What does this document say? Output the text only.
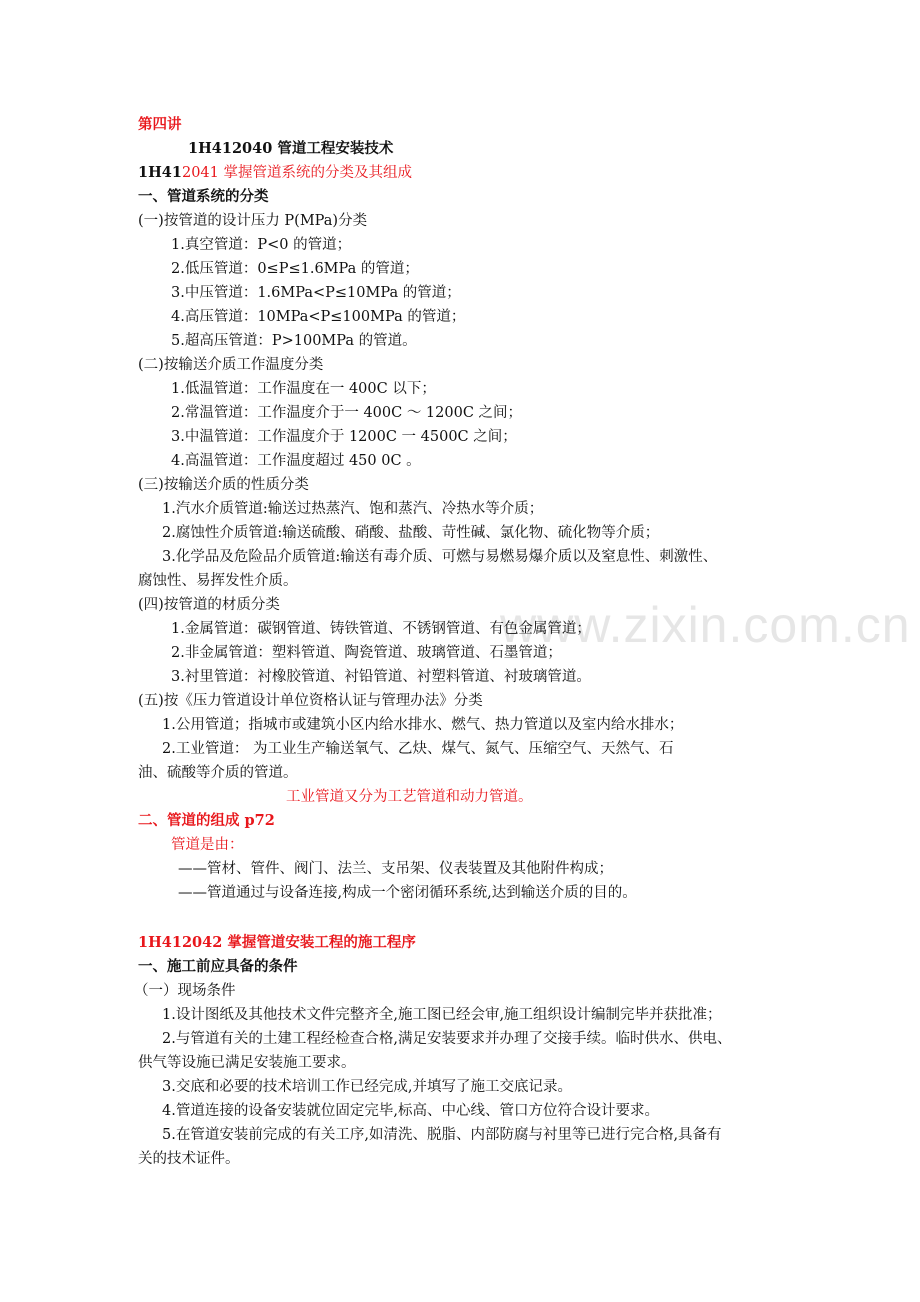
www.zixin.com.cn
第四讲
1H412040 管道工程安装技术
1H412041 掌握管道系统的分类及其组成
一、管道系统的分类
(一)按管道的设计压力 P(MPa)分类
1.真空管道：P<0 的管道；
2.低压管道：0≤P≤1.6MPa 的管道；
3.中压管道：1.6MPa<P≤10MPa 的管道；
4.高压管道：10MPa<P≤100MPa 的管道；
5.超高压管道：P>100MPa 的管道。
(二)按输送介质工作温度分类
1.低温管道：工作温度在一 400C 以下；
2.常温管道：工作温度介于一 400C ～ 1200C 之间；
3.中温管道：工作温度介于 1200C 一 4500C 之间；
4.高温管道：工作温度超过 450 0C 。
(三)按输送介质的性质分类
1.汽水介质管道:输送过热蒸汽、饱和蒸汽、冷热水等介质；
2.腐蚀性介质管道:输送硫酸、硝酸、盐酸、苛性碱、氯化物、硫化物等介质；
3.化学品及危险品介质管道:输送有毒介质、可燃与易燃易爆介质以及窒息性、刺激性、
腐蚀性、易挥发性介质。
(四)按管道的材质分类
1.金属管道：碳钢管道、铸铁管道、不锈钢管道、有色金属管道；
2.非金属管道：塑料管道、陶瓷管道、玻璃管道、石墨管道；
3.衬里管道：衬橡胶管道、衬铅管道、衬塑料管道、衬玻璃管道。
(五)按《压力管道设计单位资格认证与管理办法》分类
1.公用管道；指城市或建筑小区内给水排水、燃气、热力管道以及室内给水排水；
2.工业管道： 为工业生产输送氧气、乙炔、煤气、氮气、压缩空气、天然气、石
油、硫酸等介质的管道。
工业管道又分为工艺管道和动力管道。
二、管道的组成 p72
管道是由：
——管材、管件、阀门、法兰、支吊架、仪表装置及其他附件构成；
——管道通过与设备连接,构成一个密闭循环系统,达到输送介质的目的。
1H412042 掌握管道安装工程的施工程序
一、施工前应具备的条件
（一）现场条件
1.设计图纸及其他技术文件完整齐全,施工图已经会审,施工组织设计编制完毕并获批准；
2.与管道有关的土建工程经检查合格,满足安装要求并办理了交接手续。临时供水、供电、
供气等设施已满足安装施工要求。
3.交底和必要的技术培训工作已经完成,并填写了施工交底记录。
4.管道连接的设备安装就位固定完毕,标高、中心线、管口方位符合设计要求。
5.在管道安装前完成的有关工序,如清洗、脱脂、内部防腐与衬里等已进行完合格,具备有
关的技术证件。
